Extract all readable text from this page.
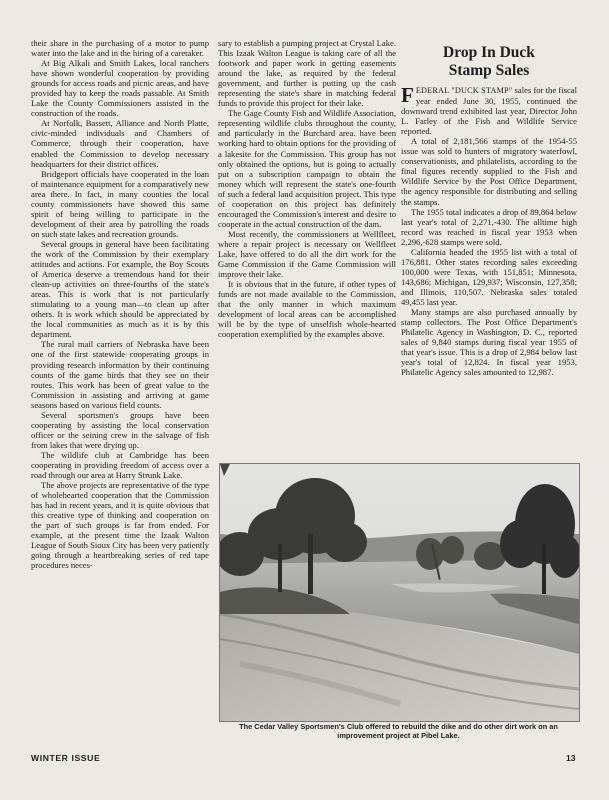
their share in the purchasing of a motor to pump water into the lake and in the hiring of a caretaker.

At Big Alkali and Smith Lakes, local ranchers have shown wonderful cooperation by providing grounds for access roads and picnic areas, and have provided hay to keep the roads passable. At Smith Lake the County Commissioners assisted in the construction of the roads.

At Norfolk, Bassett, Alliance and North Platte, civic-minded individuals and Chambers of Commerce, through their cooperation, have enabled the Commission to develop necessary headquarters for their district offices.

Bridgeport officials have cooperated in the loan of maintenance equipment for a comparatively new area there. In fact, in many counties the local county commissioners have showed this same spirit of being willing to participate in the development of their area by patrolling the roads on such state lakes and recreation grounds.

Several groups in general have been facilitating the work of the Commission by their exemplary attitudes and actions. For example, the Boy Scouts of America deserve a tremendous hand for their clean-up activities on three-fourths of the state's areas. This is work that is not particularly stimulating to a young man—to clean up after others. It is work which should be appreciated by the local communities as much as it is by this department.

The rural mail carriers of Nebraska have been one of the first statewide cooperating groups in providing research information by their continuing counts of the game birds that they see on their routes. This work has been of great value to the Commission in assisting and arriving at game seasons based on various field counts.

Several sportsmen's groups have been cooperating by assisting the local conservation officer or the seining crew in the salvage of fish from lakes that were drying up.

The wildlife club at Cambridge has been cooperating in providing freedom of access over a road through our area at Harry Strunk Lake.

The above projects are representative of the type of wholehearted cooperation that the Commission has had in recent years, and it is quite obvious that this creative type of thinking and cooperation on the part of such groups is far from ended. For example, at the present time the Izaak Walton League of South Sioux City has been very patiently going through a heartbreaking series of red tape procedures neces-

sary to establish a pumping project at Crystal Lake. This Izaak Walton League is taking care of all the footwork and paper work in getting easements around the lake, as required by the federal government, and further is putting up the cash representing the state's share in matching federal funds to provide this project for their lake.

The Gage County Fish and Wildlife Association, representing wildlife clubs throughout the county, and particularly in the Burchard area. have been working hard to obtain options for the providing of a lakesite for the Commission. This group has not only obtained the options, but is going to actually put on a subscription campaign to obtain the money which will represent the state's one-fourth of such a federal land acquisition project. This type of cooperation on this project has definitely encouraged the Commission's interest and desire to cooperate in the actual construction of the dam.

Most recently, the commissioners at Wellfleet, where a repair project is necessary on Wellfleet Lake, have offered to do all the dirt work for the Game Commission if the Game Commission will improve their lake.

It is obvious that in the future, if other types of funds are not made available to the Commission, that the only manner in which maximum development of local areas can be accomplished will be by the type of unselfish whole-hearted cooperation exemplified by the examples above.

Drop In Duck
Stamp Sales

FEDERAL "DUCK STAMP" sales for the fiscal year ended June 30, 1955, continued the downward trend exhibited last year, Director John L. Farley of the Fish and Wildlife Service reported.

A total of 2,181,566 stamps of the 1954-55 issue was sold to hunters of migratory waterfowl, conservationists, and philatelists, according to the final figures recently supplied to the Fish and Wildlife Service by the Post Office Department, the agency responsible for distributing and selling the stamps.

The 1955 total indicates a drop of 89,864 below last year's total of 2,271,-430. The alltime high record was reached in fiscal year 1953 when 2,296,-628 stamps were sold.

California headed the 1955 list with a total of 176,881. Other states recording sales exceeding 100,000 were Texas, with 151,851; Minnesota, 143,686; Michigan, 129,937; Wisconsin, 127,358; and Illinois, 110,507. Nebraska sales totaled 49,455 last year.

Many stamps are also purchased annually by stamp collectors. The Post Office Department's Philatelic Agency in Washington, D. C., reported sales of 9,840 stamps during fiscal year 1955 of that year's issue. This is a drop of 2,984 below last year's total of 12,824. In fiscal year 1953, Philatelic Agency sales amounted to 12,987.

The Cedar Valley Sportsmen's Club offered to rebuild the dike and do other dirt work on an improvement project at Pibel Lake.
WINTER ISSUE	13
